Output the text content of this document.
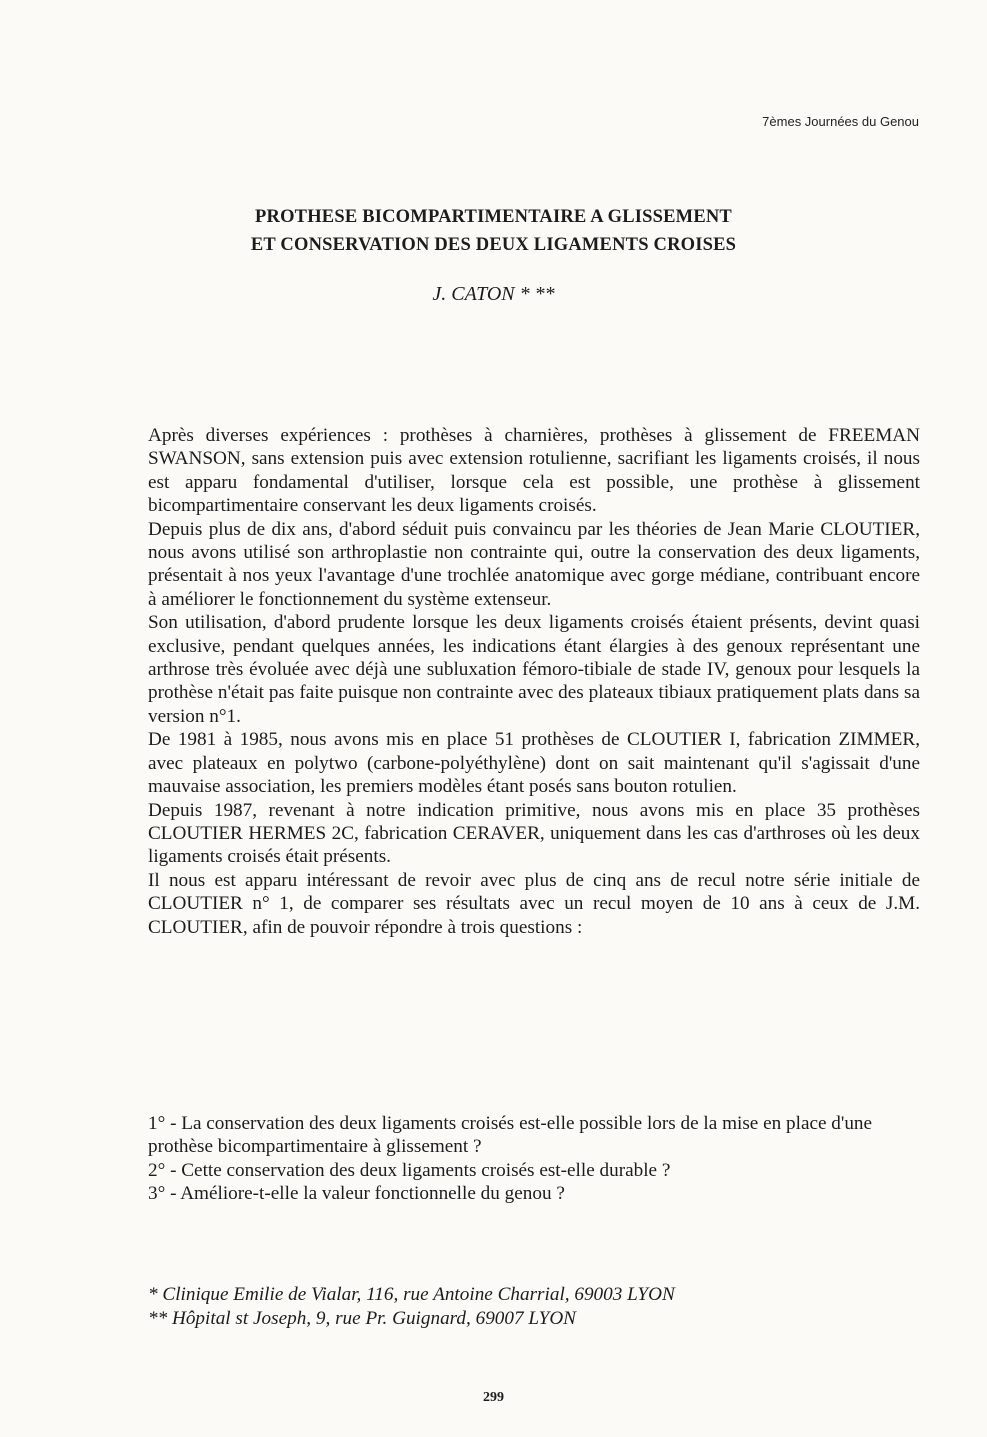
7èmes Journées du Genou

PROTHESE BICOMPARTIMENTAIRE A GLISSEMENT

ET CONSERVATION DES DEUX LIGAMENTS CROISES

J. CATON * **

Après diverses expériences : prothèses à charnières, prothèses à glissement de FREEMAN SWANSON, sans extension puis avec extension rotulienne, sacrifiant les ligaments croisés, il nous est apparu fondamental d'utiliser, lorsque cela est possible, une prothèse à glissement bicompartimentaire conservant les deux ligaments croisés.

Depuis plus de dix ans, d'abord séduit puis convaincu par les théories de Jean Marie CLOUTIER, nous avons utilisé son arthroplastie non contrainte qui, outre la conservation des deux ligaments, présentait à nos yeux l'avantage d'une trochlée anatomique avec gorge médiane, contribuant encore à améliorer le fonctionnement du système extenseur.

Son utilisation, d'abord prudente lorsque les deux ligaments croisés étaient présents, devint quasi exclusive, pendant quelques années, les indications étant élargies à des genoux représentant une arthrose très évoluée avec déjà une subluxation fémoro-tibiale de stade IV, genoux pour lesquels la prothèse n'était pas faite puisque non contrainte avec des plateaux tibiaux pratiquement plats dans sa version n°1.

De 1981 à 1985, nous avons mis en place 51 prothèses de CLOUTIER I, fabrication ZIMMER, avec plateaux en polytwo (carbone-polyéthylène) dont on sait maintenant qu'il s'agissait d'une mauvaise association, les premiers modèles étant posés sans bouton rotulien.

Depuis 1987, revenant à notre indication primitive, nous avons mis en place 35 prothèses CLOUTIER HERMES 2C, fabrication CERAVER, uniquement dans les cas d'arthroses où les deux ligaments croisés était présents.

Il nous est apparu intéressant de revoir avec plus de cinq ans de recul notre série initiale de CLOUTIER n° 1, de comparer ses résultats avec un recul moyen de 10 ans à ceux de J.M. CLOUTIER, afin de pouvoir répondre à trois questions :

1° - La conservation des deux ligaments croisés est-elle possible lors de la mise en place d'une prothèse bicompartimentaire à glissement ?

2° - Cette conservation des deux ligaments croisés est-elle durable ?

3° - Améliore-t-elle la valeur fonctionnelle du genou ?

* Clinique Emilie de Vialar, 116, rue Antoine Charrial, 69003 LYON

** Hôpital st Joseph, 9, rue Pr. Guignard, 69007 LYON

299
